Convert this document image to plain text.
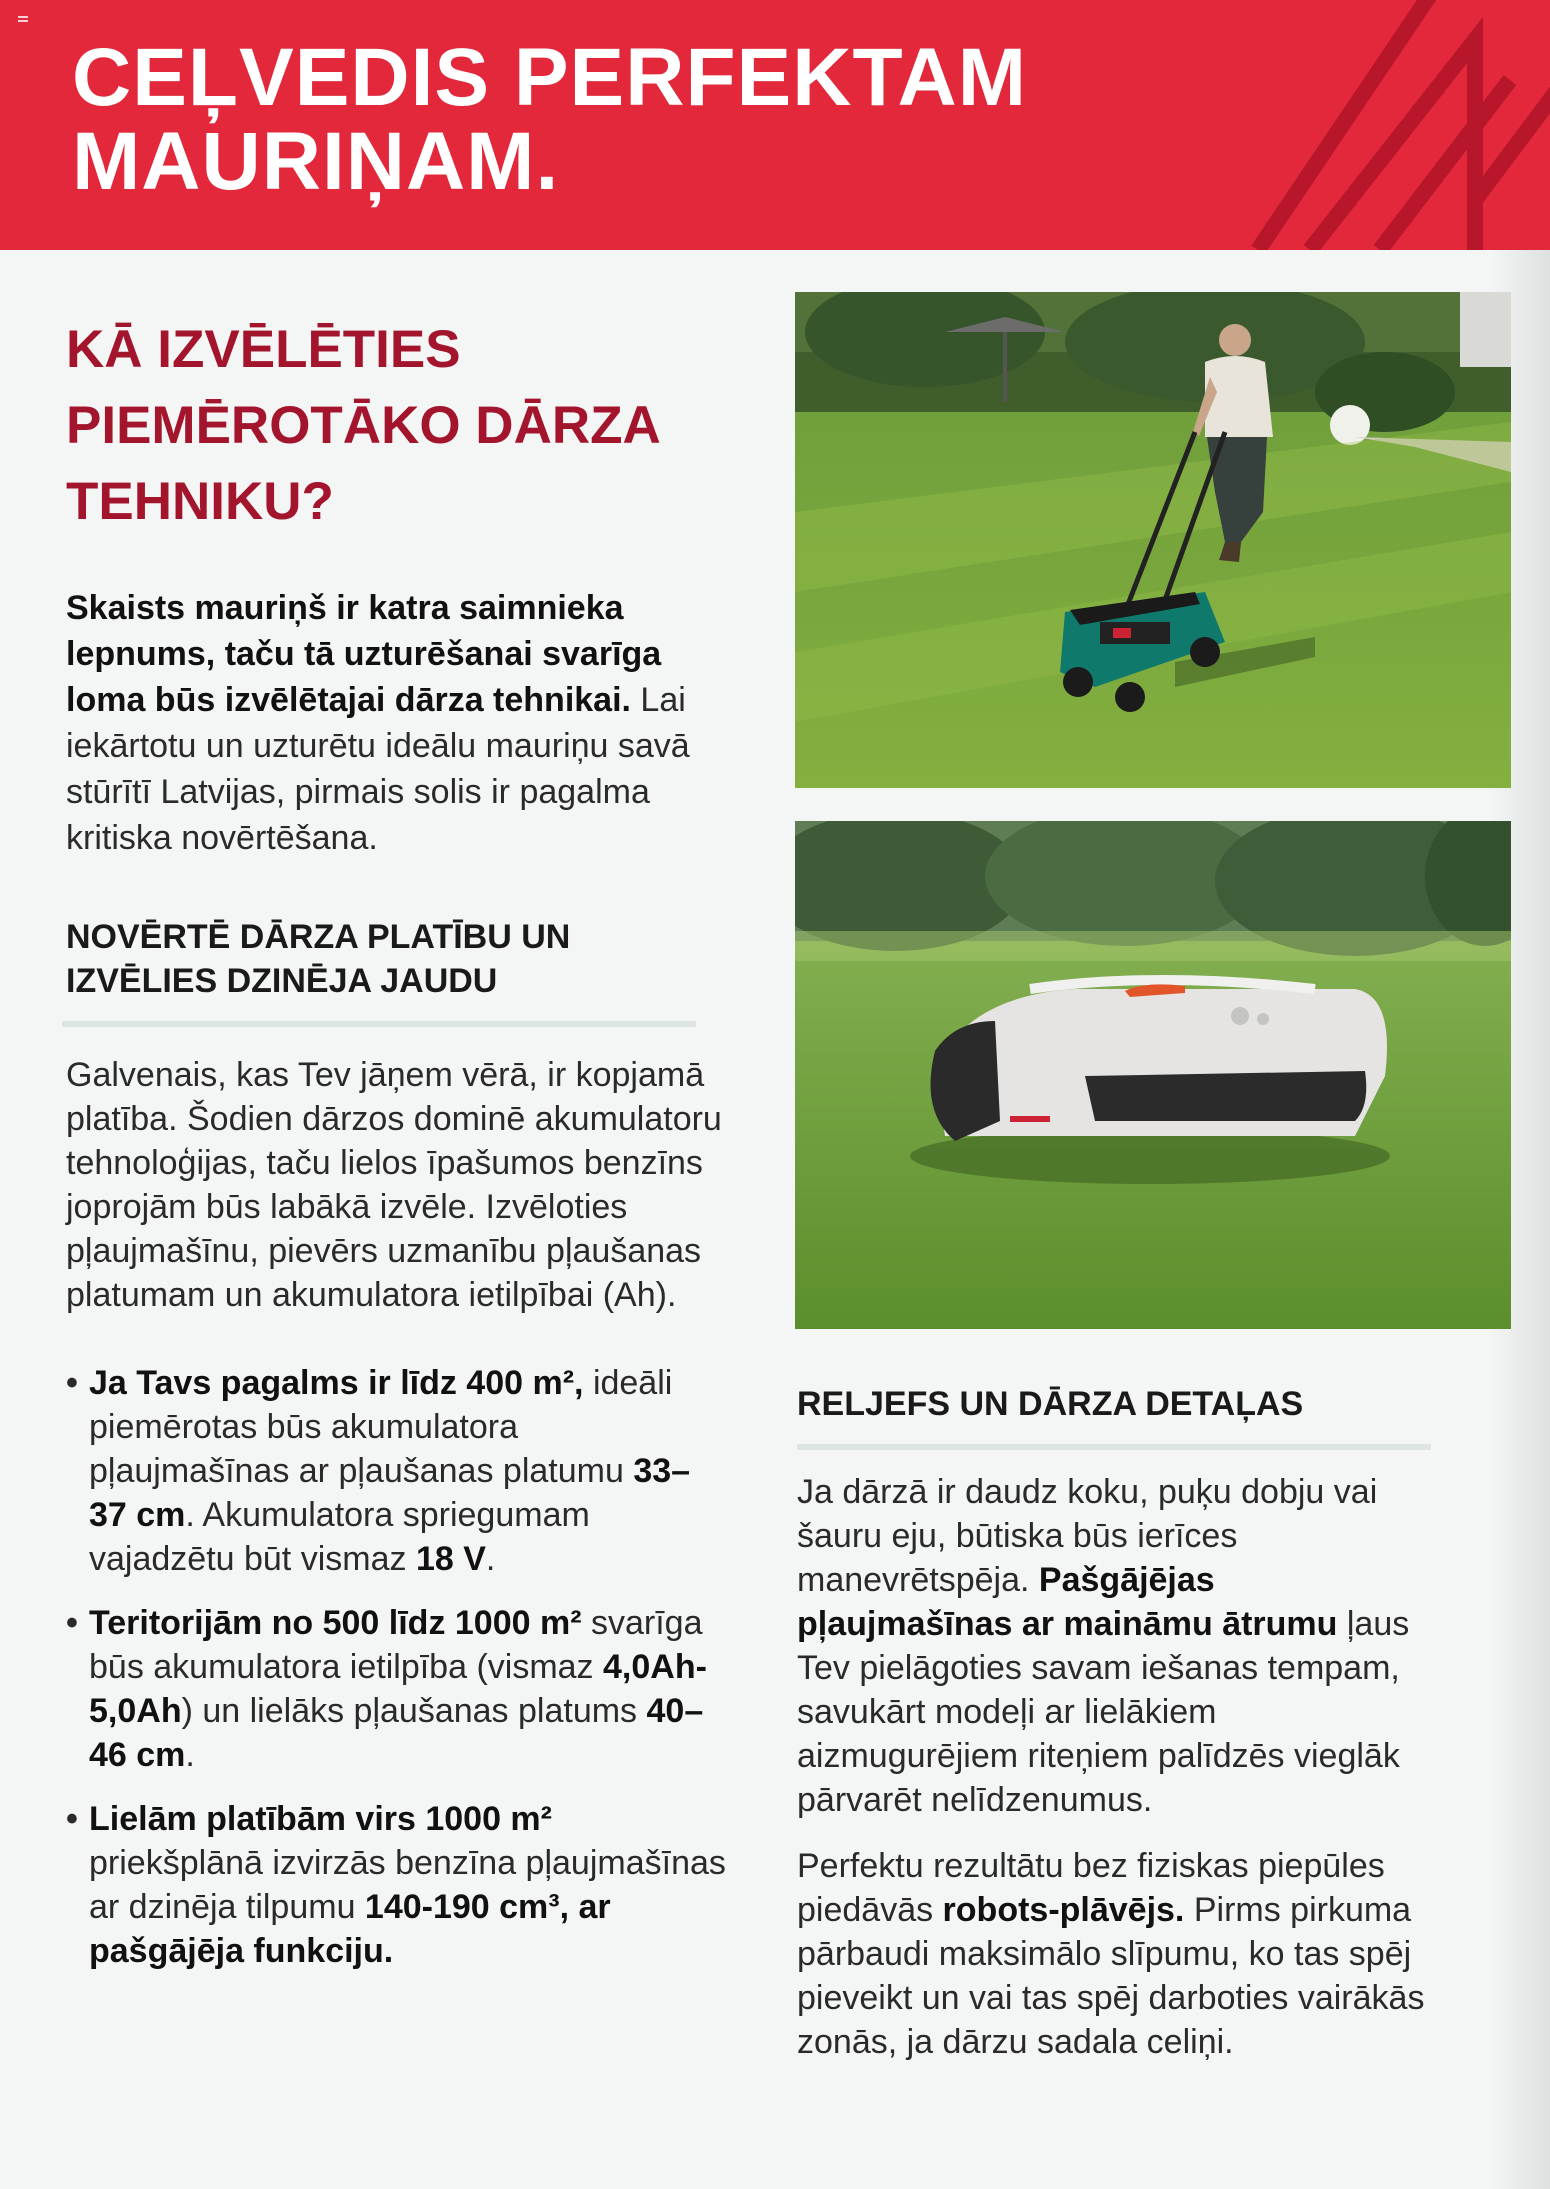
CEĻVEDIS PERFEKTAM
MAURIŅAM.
KĀ IZVĒLĒTIES
PIEMĒROTĀKO DĀRZA
TEHNIKU?

Skaists mauriņš ir katra saimnieka lepnums, taču tā uzturēšanai svarīga loma būs izvēlētajai dārza tehnikai. Lai iekārtotu un uzturētu ideālu mauriņu savā stūrītī Latvijas, pirmais solis ir pagalma kritiska novērtēšana.

NOVĒRTĒ DĀRZA PLATĪBU UN
IZVĒLIES DZINĒJA JAUDU

Galvenais, kas Tev jāņem vērā, ir kopjamā platība. Šodien dārzos dominē akumulatoru tehnoloģijas, taču lielos īpašumos benzīns joprojām būs labākā izvēle. Izvēloties pļaujmašīnu, pievērs uzmanību pļaušanas platumam un akumulatora ietilpībai (Ah).

• Ja Tavs pagalms ir līdz 400 m², ideāli piemērotas būs akumulatora pļaujmašīnas ar pļaušanas platumu 33–37 cm. Akumulatora spriegumam vajadzētu būt vismaz 18 V.
• Teritorijām no 500 līdz 1000 m² svarīga būs akumulatora ietilpība (vismaz 4,0Ah-5,0Ah) un lielāks pļaušanas platums 40–46 cm.
• Lielām platībām virs 1000 m² priekšplānā izvirzās benzīna pļaujmašīnas ar dzinēja tilpumu 140-190 cm³, ar pašgājēja funkciju.

RELJEFS UN DĀRZA DETAĻAS

Ja dārzā ir daudz koku, puķu dobju vai šauru eju, būtiska būs ierīces manevrētspēja. Pašgājējas pļaujmašīnas ar maināmu ātrumu ļaus Tev pielāgoties savam iešanas tempam, savukārt modeļi ar lielākiem aizmugurējiem riteņiem palīdzēs vieglāk pārvarēt nelīdzenumus.

Perfektu rezultātu bez fiziskas piepūles piedāvās robots-plāvējs. Pirms pirkuma pārbaudi maksimālo slīpumu, ko tas spēj pieveikt un vai tas spēj darboties vairākās zonās, ja dārzu sadala celiņi.
